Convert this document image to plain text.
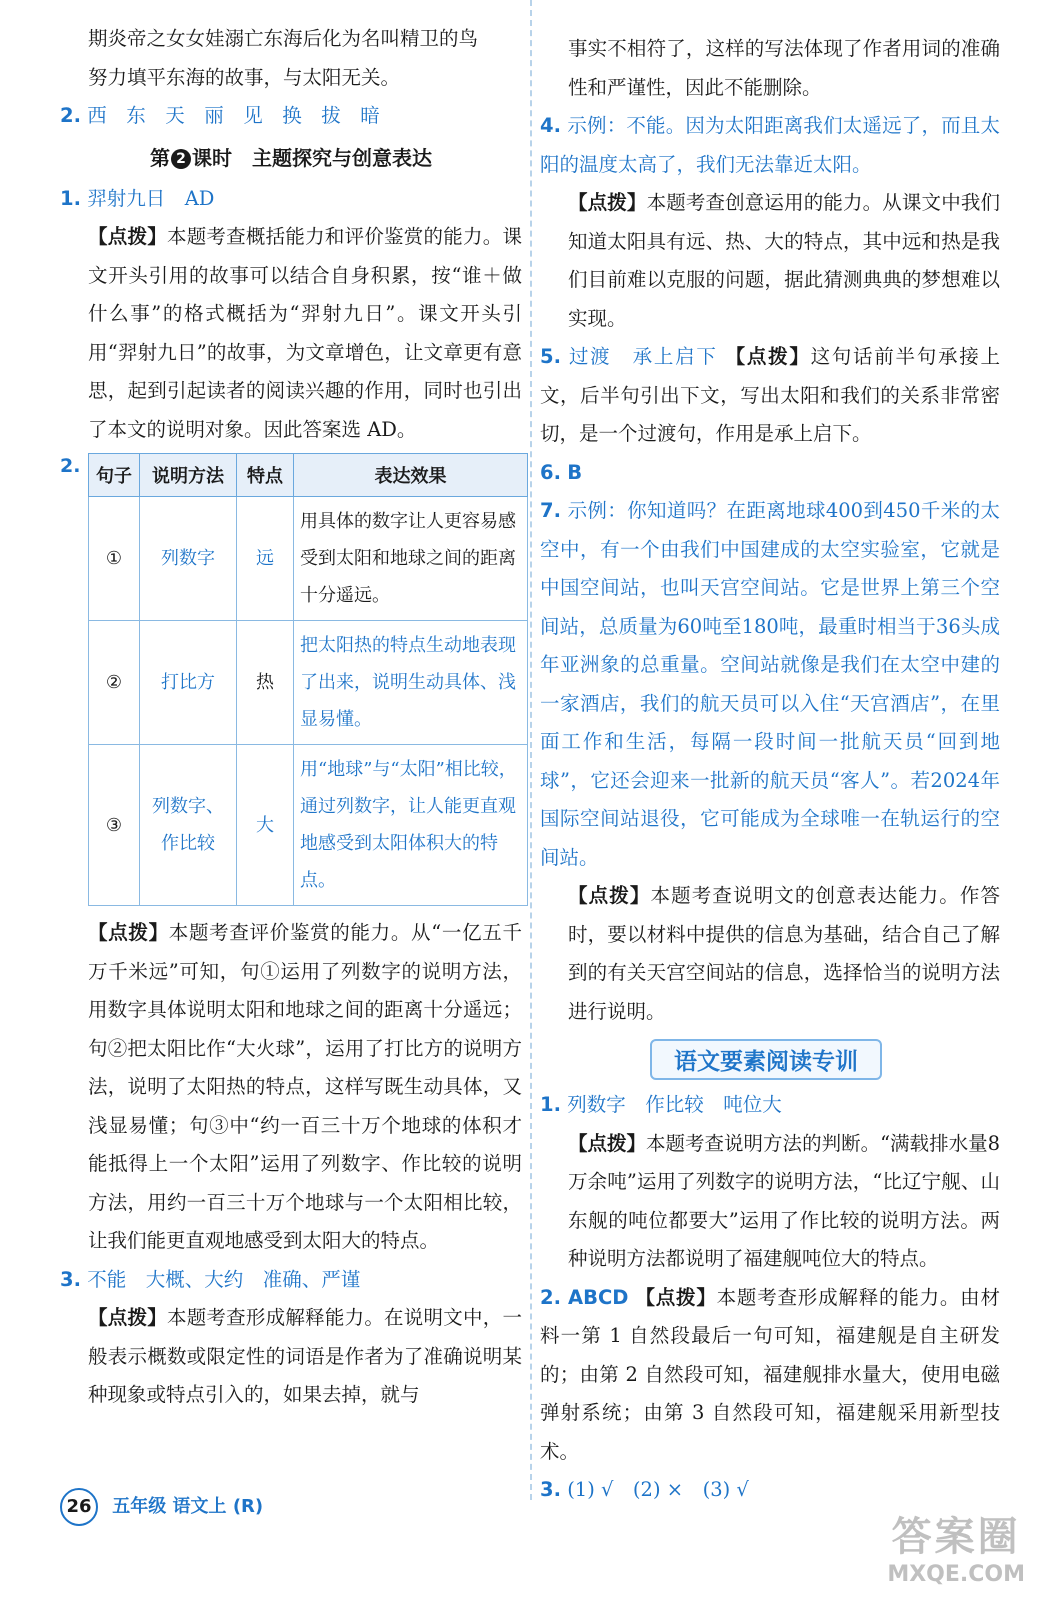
期炎帝之女女娃溺亡东海后化为名叫精卫的鸟

努力填平东海的故事，与太阳无关。

2. 西　东　天　丽　见　换　拔　暗

第 2 课时　主题探究与创意表达

1. 羿射九日　AD

【点拨】本题考查概括能力和评价鉴赏的能力。课文开头引用的故事可以结合自身积累，按“谁＋做什么事”的格式概括为“羿射九日”。课文开头引用“羿射九日”的故事，为文章增色，让文章更有意思，起到引起读者的阅读兴趣的作用，同时也引出了本文的说明对象。因此答案选 AD。

2. 句子	说明方法	特点	表达效果
①	列数字	远	用具体的数字让人更容易感受到太阳和地球之间的距离十分遥远。
②	打比方	热	把太阳热的特点生动地表现了出来，说明生动具体、浅显易懂。
③	列数字、作比较	大	用“地球”与“太阳”相比较，通过列数字，让人能更直观地感受到太阳体积大的特点。

【点拨】本题考查评价鉴赏的能力。从“一亿五千万千米远”可知，句①运用了列数字的说明方法，用数字具体说明太阳和地球之间的距离十分遥远；句②把太阳比作“大火球”，运用了打比方的说明方法，说明了太阳热的特点，这样写既生动具体，又浅显易懂；句③中“约一百三十万个地球的体积才能抵得上一个太阳”运用了列数字、作比较的说明方法，用约一百三十万个地球与一个太阳相比较，让我们能更直观地感受到太阳大的特点。

3. 不能　大概、大约　准确、严谨

【点拨】本题考查形成解释能力。在说明文中，一般表示概数或限定性的词语是作者为了准确说明某种现象或特点引入的，如果去掉，就与

事实不相符了，这样的写法体现了作者用词的准确性和严谨性，因此不能删除。

4. 示例：不能。因为太阳距离我们太遥远了，而且太阳的温度太高了，我们无法靠近太阳。

【点拨】本题考查创意运用的能力。从课文中我们知道太阳具有远、热、大的特点，其中远和热是我们目前难以克服的问题，据此猜测典典的梦想难以实现。

5. 过渡　承上启下 【点拨】这句话前半句承接上文，后半句引出下文，写出太阳和我们的关系非常密切，是一个过渡句，作用是承上启下。

6. B

7. 示例：你知道吗？在距离地球400到450千米的太空中，有一个由我们中国建成的太空实验室，它就是中国空间站，也叫天宫空间站。它是世界上第三个空间站，总质量为60吨至180吨，最重时相当于36头成年亚洲象的总重量。空间站就像是我们在太空中建的一家酒店，我们的航天员可以入住“天宫酒店”，在里面工作和生活，每隔一段时间一批航天员“回到地球”，它还会迎来一批新的航天员“客人”。若2024年国际空间站退役，它可能成为全球唯一在轨运行的空间站。

【点拨】本题考查说明文的创意表达能力。作答时，要以材料中提供的信息为基础，结合自己了解到的有关天宫空间站的信息，选择恰当的说明方法进行说明。

语文要素阅读专训

1. 列数字　作比较　吨位大

【点拨】本题考查说明方法的判断。“满载排水量8万余吨”运用了列数字的说明方法，“比辽宁舰、山东舰的吨位都要大”运用了作比较的说明方法。两种说明方法都说明了福建舰吨位大的特点。

2. ABCD 【点拨】本题考查形成解释的能力。由材料一第 1 自然段最后一句可知，福建舰是自主研发的；由第 2 自然段可知，福建舰排水量大，使用电磁弹射系统；由第 3 自然段可知，福建舰采用新型技术。

3. (1) √　(2) ×　(3) √

26 五年级 语文上 (R)
答案圈
MXQE.COM
